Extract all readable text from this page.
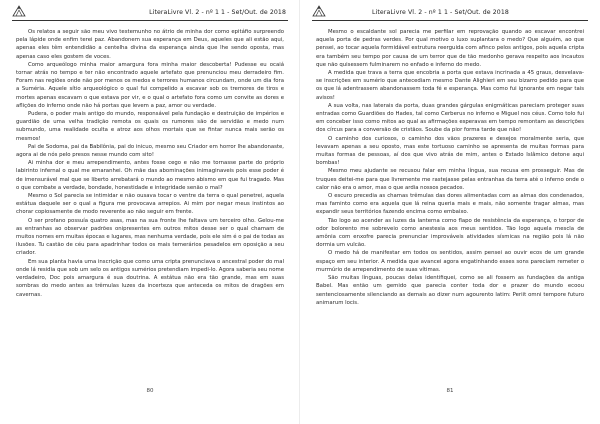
LiteraLivre Vl. 2 - nº 1 1 - Set/Out. de 2018

Os relatos a seguir são meu vivo testemunho no átrio de minha dor como epitáfio surpreendo pela lápide onde enfim terei paz. Abandonem sua esperança em Deus, aqueles que ali estão aqui, apenas eles têm entendidão a centelha divina da esperança ainda que lhe sendo oposta, mas apenas caso eles gostem de voces.

Como arqueólogo minha maior amargura fora minha maior descoberta! Pudesse eu ocaiá tornar atrás no tempo e ter não encontrado aquele artefato que prenunciou meu derradeiro fim. Foram nas regiões onde não por menos os medos e terrores humanos circundam, onde um dia fora a Suméria. Aquele sítio arqueológico o qual fui compelido a escavar sob os tremores de tiros e mortes apenas escavam o que estava por vir, e o qual o artefato fora como um convite as dores e aflições do inferno onde não há portas que levem a paz, amor ou verdade.

Pudera, o poder mais antigo do mundo, responsável pela fundação e destruição de impérios e guardião de uma velha tradição remota os quais os rumores são de servidão e medo num submundo, uma realidade oculta e atroz aos olhos mortais que se fintar nunca mais serão os mesmos!

Pai de Sodoma, pai da Babilônia, pai do inicuo, mesmo seu Criador em horror lhe abandonaste, agora ai de nós pelo presos nesse mundo com sito!

Ai minha dor e meu arrependimento, antes fosse cego e não me tornasse parte do próprio labirinto infernal o qual me emaranhei. Oh mãe das abominações inimaginaveis pois esse poder é de imensurável mal que se liberto arrebatará o mundo ao mesmo abismo em que fui tragado. Mas o que combate a verdade, bondade, honestidade e integridade senão o mal?

Mesmo o Sol parecia se intimidar e não ousava tocar o ventre da terra o qual penetrei, aquela estátua daquele ser o qual a figura me provocava arrepios. Ai mim por negar meus instintos ao chorar copiosamente de modo reverente ao não seguir em frente.

O ser profano possuía quatro asas, mas na sua fronte lhe faltava um terceiro olho. Gelou-me as entranhas ao observar padrões onipresentes em outros mitos desse ser o qual chamam de muitos nomes em muitas épocas e lugares, mas nenhuma verdade, pois ele sim é o pai de todas as ilusões. Tu castão de céu para apadrinhar todos os mais temerários pesadelos em oposição a seu criador.

Em sua planta havia uma inscrição que como uma cripta prenunciava o ancestral poder do mal onde lá residia que sob um selo os antigos sumérios pretendiam impedi-lo. Agora saberia seu nome verdadeiro, Doc pois amargura é sua doutrina. A estátua não era tão grande, mas em suas sombras do medo antes as trêmulas luzes da incerteza que anteceda os mitos de dragões em cavernas.

80
LiteraLivre Vl. 2 - nº 1 1 - Set/Out. de 2018

Mesmo o escaldante sol parecia me perfilar em reprovação quando ao escavar encontrei aquela porta de pedras verdes. Por qual motivo o luxo suplantara o medo? Que alguém, ao que pensei, ao tocar aquela formidável estrutura reerguida com afinco pelos antigos, pois aquela cripta era também seu tempo por causa de um terror que de tão medonho gerava respeito aos incautos que não quisessem fulminarem no enfado e inferno do medo.

A medida que trava a terra que encobria a porta que estava incrinada a 45 graus, desvelava-se inscrições em sumério que antecediam mesmo Dante Alighieri em seu bizarro pedido para que os que lá adentrassem abandonassem toda fé e esperança. Mas como fui ignorante em negar tais avisos!

A sua volta, nas laterais da porta, duas grandes gárgulas enigmáticas pareciam proteger suas entradas como Guardiões do Hades, tal como Cerberus no inferno e Miguel nos céus. Como tolo fui em conceber isso como mitos ao qual as afirmações esperavas em tempo remontam as descrições dos círcus para a conversão de cristãos. Soube da pior forma tarde que não!

O caminho dos curiosos, o caminho dos vãos prazeres e desejos moralmente seria, que levavam apenas a seu oposto, mas este tortuoso caminho se apresenta de muitas formas para muitas formas de pessoas, aí dos que vivo atrás de mim, antes o Estado Islâmico detone aqui bombas!

Mesmo meu ajudante se recusou falar em minha língua, sua recusa em prosseguir. Mas de truques deitei-me para que livremente me rastejasse pelas entranhas da terra até o inferno onde o calor não era o amor, mas o que ardia nossos pecados.

O escuro precedia as chamas trêmulas das dores alimentadas com as almas dos condenados, mas faminto como era aquela que lá reina queria mais e mais, não somente tragar almas, mas expandir seus territórios fazendo encima como embaixo.

Tão logo ao acender as luzes da lanterna como flapo de resistência da esperança, o torpor de odor bolorento me sobreveio como anestesia aos meus sentidos. Tão logo aquela mescla de amônia com enxofre parecia prenunciar improváveis atividades sísmicas na região pois lá não dormia um vulcão.

O medo há de manifestar em todos os sentidos, assim pensei ao ouvir ecos de um grande espaço em seu interior. A medida que avancei agora engatinhando esses sons pareciam remeter o murmúrio de arrependimento de suas vítimas.

São muitas línguas, poucas delas identifiquei, como se ali fossem as fundações da antiga Babel. Mas então um gemido que parecia conter toda dor e prazer do mundo ecoou sentenciosamente silenciando as demais ao dizer num agourento latim: Periit omni tempore futuro animarum locis.

81
